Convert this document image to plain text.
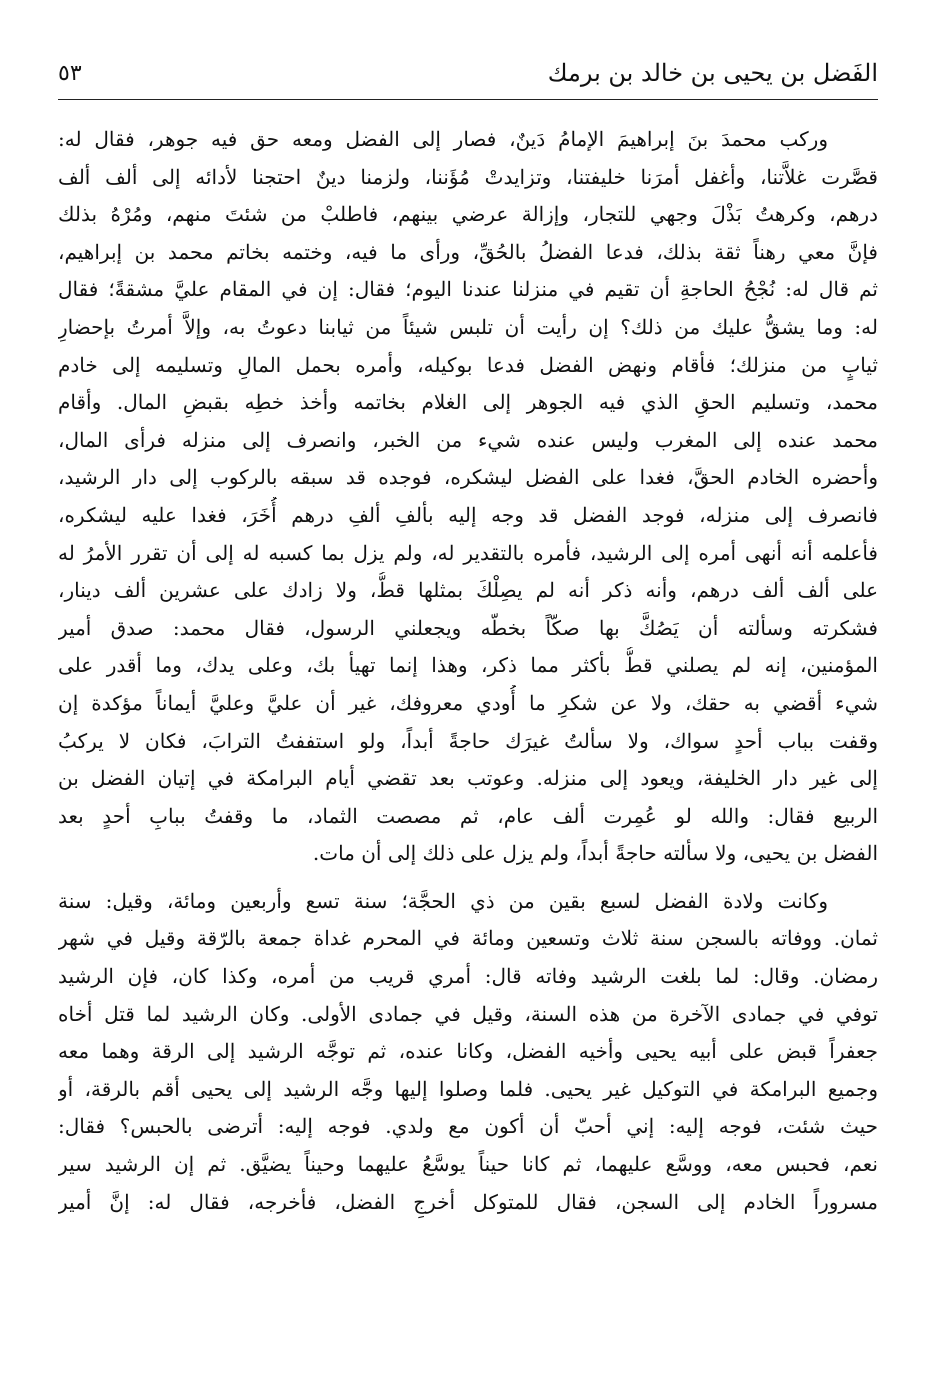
الفَضل بن يحيى بن خالد بن برمك
٥٣
وركب محمدَ بنَ إبراهيمَ الإمامُ دَينٌ، فصار إلى الفضل ومعه حق فيه جوهر، فقال له:
قصَّرت غلاَّتنا، وأغفل أمرَنا خليفتنا، وتزايدتْ مُؤَننا، ولزمنا دينٌ احتجنا لأدائه إلى ألف ألف
درهم، وكرهتُ بَذْلَ وجهي للتجار، وإزالة عرضي بينهم، فاطلبْ من شئتَ منهم، ومُرْهُ بذلك
فإنَّ معي رهناً ثقة بذلك، فدعا الفضلُ بالحُقِّ، ورأى ما فيه، وختمه بخاتم محمد بن إبراهيم،
ثم قال له: نُجْحُ الحاجةِ أن تقيم في منزلنا عندنا اليوم؛ فقال: إن في المقام عليَّ مشقةً؛ فقال
له: وما يشقُّ عليك من ذلك؟ إن رأيت أن تلبس شيئاً من ثيابنا دعوتُ به، وإلاَّ أمرتُ بإحضارِ
ثيابٍ من منزلك؛ فأقام ونهض الفضل فدعا بوكيله، وأمره بحمل المالِ وتسليمه إلى خادم
محمد، وتسليم الحقِ الذي فيه الجوهر إلى الغلام بخاتمه وأخذ خطِه بقبضِ المال. وأقام
محمد عنده إلى المغرب وليس عنده شيء من الخبر، وانصرف إلى منزله فرأى المال،
وأحضره الخادم الحقَّ، فغدا على الفضل ليشكره، فوجده قد سبقه بالركوب إلى دار الرشيد،
فانصرف إلى منزله، فوجد الفضل قد وجه إليه بألفِ ألفِ درهم أُخَرَ، فغدا عليه ليشكره،
فأعلمه أنه أنهى أمره إلى الرشيد، فأمره بالتقدير له، ولم يزل بما كسبه له إلى أن تقرر الأمرُ له
على ألف ألف درهم، وأنه ذكر أنه لم يصِلْكَ بمثلها قطُّ، ولا زادك على عشرين ألف دينار،
فشكرته وسألته أن يَصُكَّ بها صكّاً بخطّه ويجعلني الرسول، فقال محمد: صدق أمير
المؤمنين، إنه لم يصلني قطُّ بأكثر مما ذكر، وهذا إنما تهيأ بك، وعلى يدك، وما أقدر على
شيء أقضي به حقك، ولا عن شكرِ ما أُودي معروفك، غير أن عليَّ وعليَّ أيماناً مؤكدة إن
وقفت بباب أحدٍ سواك، ولا سألتُ غيرَك حاجةً أبداً، ولو استففتُ الترابَ، فكان لا يركبُ
إلى غير دار الخليفة، ويعود إلى منزله. وعوتب بعد تقضي أيام البرامكة في إتيان الفضل بن
الربيع فقال: والله لو عُمِرت ألف عام، ثم مصصت الثماد، ما وقفتُ ببابِ أحدٍ بعد
الفضل بن يحيى، ولا سألته حاجةً أبداً، ولم يزل على ذلك إلى أن مات.
وكانت ولادة الفضل لسبع بقين من ذي الحجَّة؛ سنة تسع وأربعين ومائة، وقيل: سنة
ثمان. ووفاته بالسجن سنة ثلاث وتسعين ومائة في المحرم غداة جمعة بالرّقة وقيل في شهر
رمضان. وقال: لما بلغت الرشيد وفاته قال: أمري قريب من أمره، وكذا كان، فإن الرشيد
توفي في جمادى الآخرة من هذه السنة، وقيل في جمادى الأولى. وكان الرشيد لما قتل أخاه
جعفراً قبض على أبيه يحيى وأخيه الفضل، وكانا عنده، ثم توجَّه الرشيد إلى الرقة وهما معه
وجميع البرامكة في التوكيل غير يحيى. فلما وصلوا إليها وجَّه الرشيد إلى يحيى أقم بالرقة، أو
حيث شئت، فوجه إليه: إني أحبّ أن أكون مع ولدي. فوجه إليه: أترضى بالحبس؟ فقال:
نعم، فحبس معه، ووسَّع عليهما، ثم كانا حيناً يوسَّعُ عليهما وحيناً يضيَّق. ثم إن الرشيد سير
مسروراً الخادم إلى السجن، فقال للمتوكل أخرجِ الفضل، فأخرجه، فقال له: إنَّ أمير
